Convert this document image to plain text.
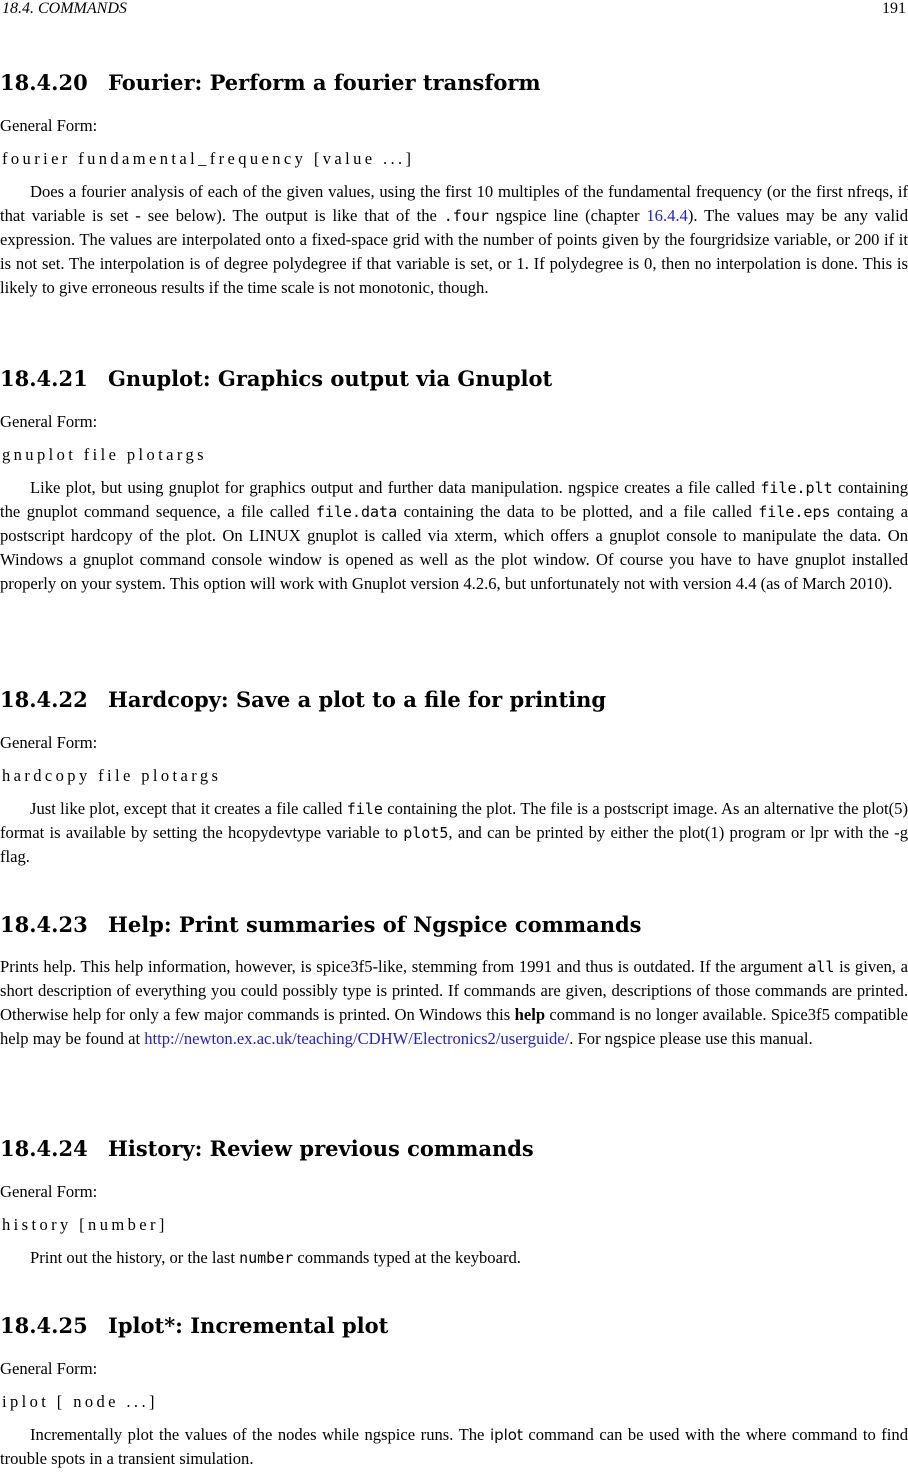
18.4. COMMANDS	191
18.4.20 Fourier: Perform a fourier transform
General Form:
fourier fundamental_frequency [value ...]
Does a fourier analysis of each of the given values, using the first 10 multiples of the fundamental frequency (or the first nfreqs, if that variable is set - see below). The output is like that of the .four ngspice line (chapter 16.4.4). The values may be any valid expression. The values are interpolated onto a fixed-space grid with the number of points given by the fourgridsize variable, or 200 if it is not set. The interpolation is of degree polydegree if that variable is set, or 1. If polydegree is 0, then no interpolation is done. This is likely to give erroneous results if the time scale is not monotonic, though.
18.4.21 Gnuplot: Graphics output via Gnuplot
General Form:
gnuplot file plotargs
Like plot, but using gnuplot for graphics output and further data manipulation. ngspice creates a file called file.plt containing the gnuplot command sequence, a file called file.data containing the data to be plotted, and a file called file.eps containg a postscript hardcopy of the plot. On LINUX gnuplot is called via xterm, which offers a gnuplot console to manipulate the data. On Windows a gnuplot command console window is opened as well as the plot window. Of course you have to have gnuplot installed properly on your system. This option will work with Gnuplot version 4.2.6, but unfortunately not with version 4.4 (as of March 2010).
18.4.22 Hardcopy: Save a plot to a file for printing
General Form:
hardcopy file plotargs
Just like plot, except that it creates a file called file containing the plot. The file is a postscript image. As an alternative the plot(5) format is available by setting the hcopydevtype variable to plot5, and can be printed by either the plot(1) program or lpr with the -g flag.
18.4.23 Help: Print summaries of Ngspice commands
Prints help. This help information, however, is spice3f5-like, stemming from 1991 and thus is outdated. If the argument all is given, a short description of everything you could possibly type is printed. If commands are given, descriptions of those commands are printed. Otherwise help for only a few major commands is printed. On Windows this help command is no longer available. Spice3f5 compatible help may be found at http://newton.ex.ac.uk/teaching/CDHW/Electronics2/userguide/. For ngspice please use this manual.
18.4.24 History: Review previous commands
General Form:
history [number]
Print out the history, or the last number commands typed at the keyboard.
18.4.25 Iplot*: Incremental plot
General Form:
iplot [ node ...]
Incrementally plot the values of the nodes while ngspice runs. The iplot command can be used with the where command to find trouble spots in a transient simulation.
